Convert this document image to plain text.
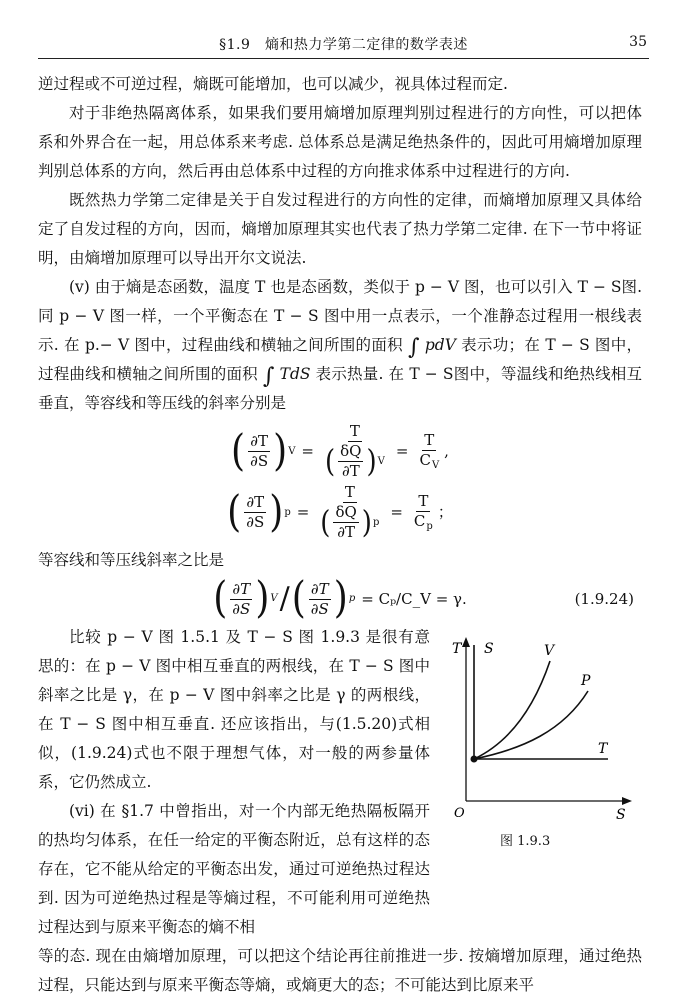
§1.9　熵和热力学第二定律的数学表述	35

逆过程或不可逆过程，熵既可能增加，也可以减少，视具体过程而定.

对于非绝热隔离体系，如果我们要用熵增加原理判别过程进行的方向性，可以把体系和外界合在一起，用总体系来考虑. 总体系总是满足绝热条件的，因此可用熵增加原理判别总体系的方向，然后再由总体系中过程的方向推求体系中过程进行的方向.

既然热力学第二定律是关于自发过程进行的方向性的定律，而熵增加原理又具体给定了自发过程的方向，因而，熵增加原理其实也代表了热力学第二定律. 在下一节中将证明，由熵增加原理可以导出开尔文说法.

(v) 由于熵是态函数，温度 T 也是态函数，类似于 p − V 图，也可以引入 T − S图. 同 p − V 图一样，一个平衡态在 T − S 图中用一点表示，一个准静态过程用一根线表示. 在 p.− V 图中，过程曲线和横轴之间所围的面积 ∫ pdV 表示功；在 T − S 图中，过程曲线和横轴之间所围的面积 ∫ TdS 表示热量. 在 T − S图中，等温线和绝热线相互垂直，等容线和等压线的斜率分别是

( $\frac{\partial T}{\partial S}$ ) $V = \frac{T}{( \frac{\delta Q}{\partial T} ) V} = \frac{T}{C_V}$ ,
( $\frac{\partial T}{\partial S}$ ) $p = \frac{T}{( \frac{\delta Q}{\partial T} ) p} = \frac{T}{C_p}$ ；

等容线和等压线斜率之比是

( $\frac{\partial T}{\partial S}$ ) V / ( $\frac{\partial T}{\partial S}$ ) p = Cₚ/C_V = γ.	(1.9.24)

比较 p − V 图 1.5.1 及 T − S 图 1.9.3 是很有意思的：在 p − V 图中相互垂直的两根线，在 T − S 图中斜率之比是 γ，在 p − V 图中斜率之比是 γ 的两根线，在 T − S 图中相互垂直. 还应该指出，与(1.5.20)式相似，(1.9.24)式也不限于理想气体，对一般的两参量体系，它仍然成立.

(vi) 在 §1.7 中曾指出，对一个内部无绝热隔板隔开的热均匀体系，在任一给定的平衡态附近，总有这样的态存在，它不能从给定的平衡态出发，通过可逆绝热过程达到. 因为可逆绝热过程是等熵过程，不可能利用可逆绝热过程达到与原来平衡态的熵不相

T S	V
P
T
O	S
图 1.9.3

等的态. 现在由熵增加原理，可以把这个结论再往前推进一步. 按熵增加原理，通过绝热过程，只能达到与原来平衡态等熵，或熵更大的态；不可能达到比原来平
